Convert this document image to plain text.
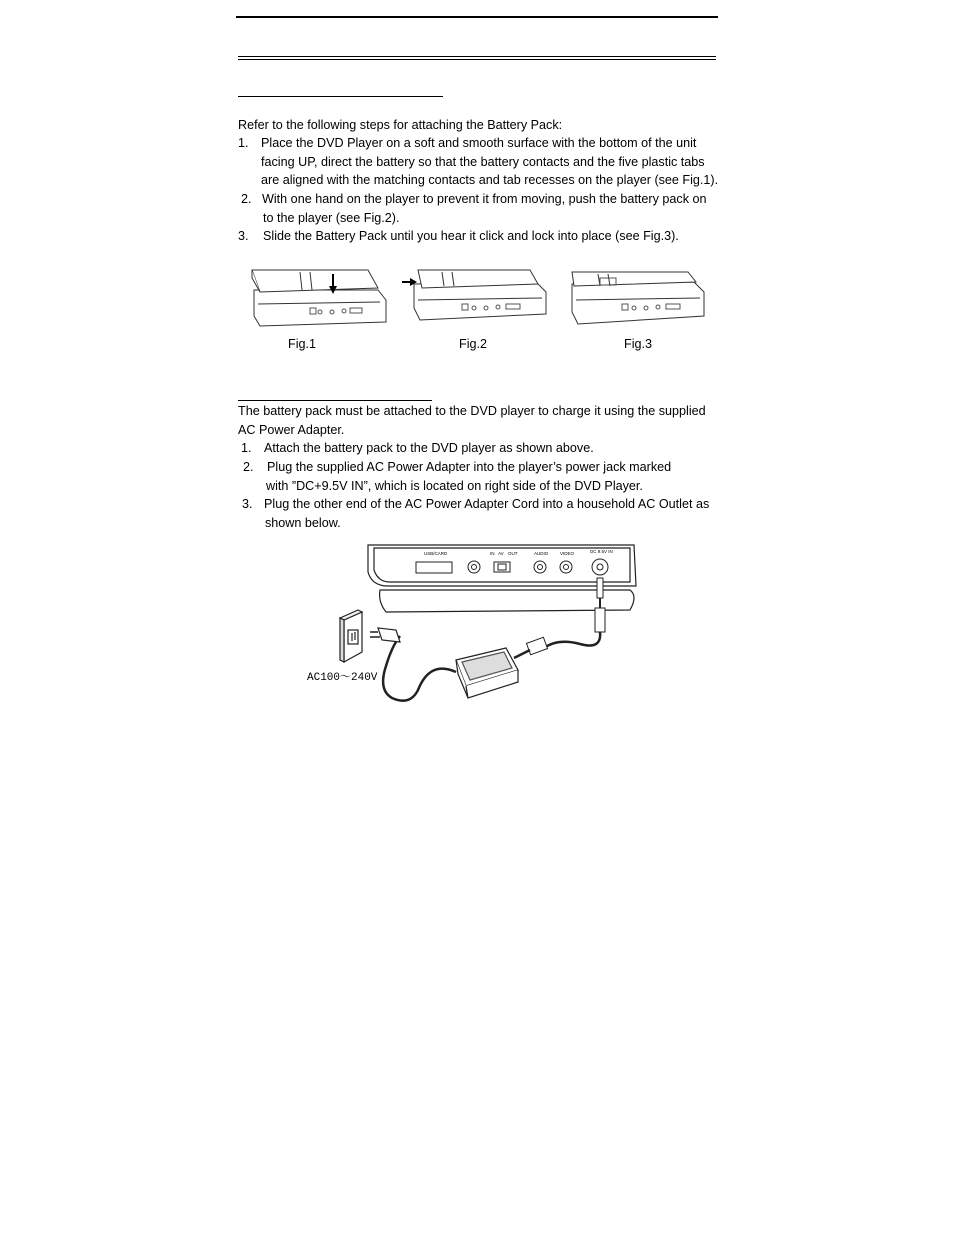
Refer to the following steps for attaching the Battery Pack:
1. Place the DVD Player on a soft and smooth surface with the bottom of the unit
facing UP, direct the battery so that the battery contacts and the five plastic tabs
are aligned with the matching contacts and tab recesses on the player (see Fig.1).
2. With one hand on the player to prevent it from moving, push the battery pack on
to the player (see Fig.2).
3. Slide the Battery Pack until you hear it click and lock into place (see Fig.3).
Fig.1	Fig.2	Fig.3
The battery pack must be attached to the DVD player to charge it using the supplied
AC Power Adapter.
1. Attach the battery pack to the DVD player as shown above.
2. Plug the supplied AC Power Adapter into the player’s power jack marked
with ”DC+9.5V IN”, which is located on right side of the DVD Player.
3. Plug the other end of the AC Power Adapter Cord into a household AC Outlet as
shown below.
USB/CARD	IN AV OUT	AUDIO	VIDEO	DC 9.5V IN
AC100～240V
